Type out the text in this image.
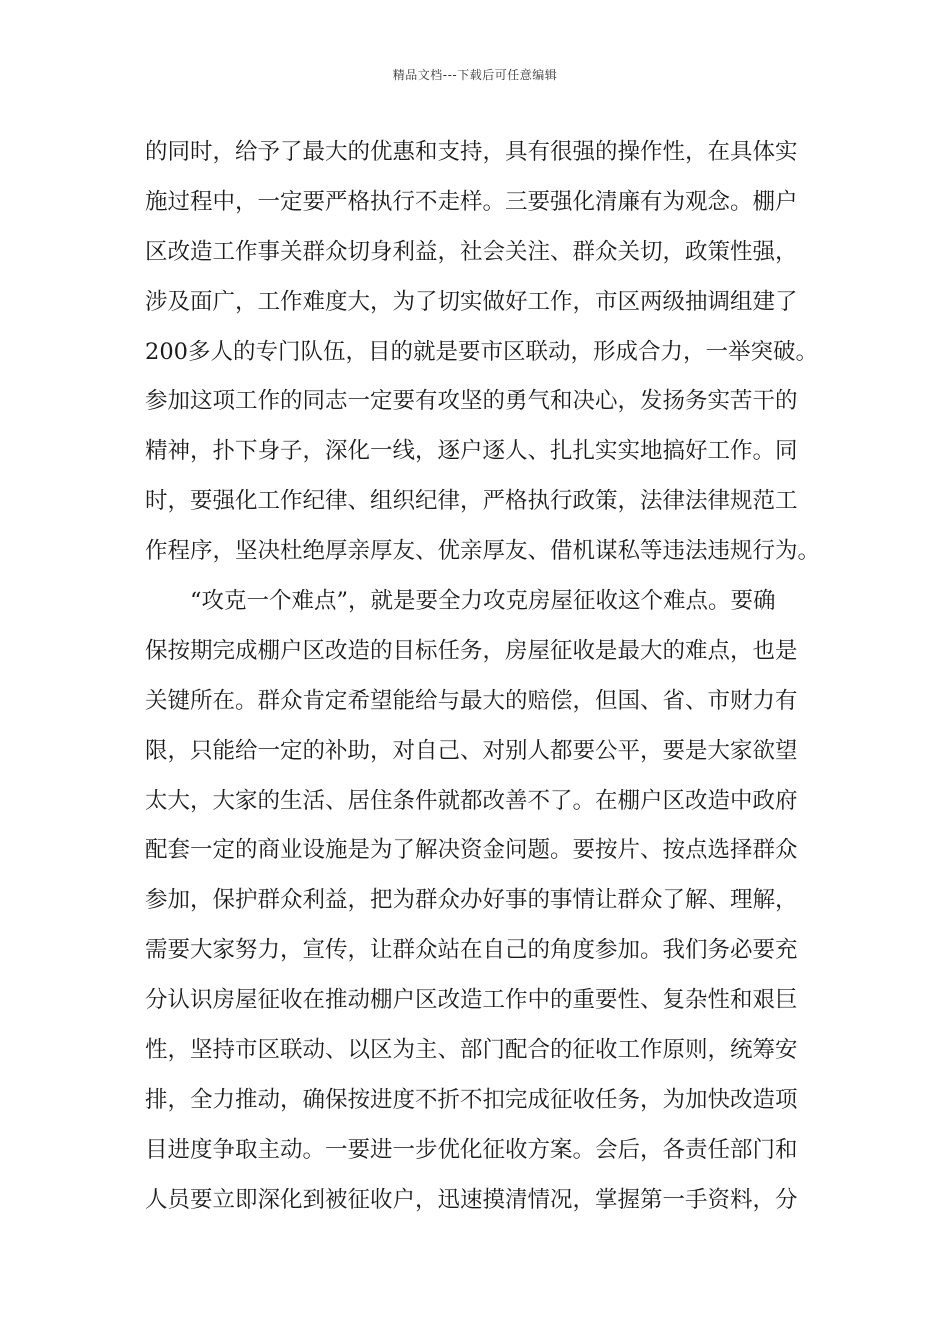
精品文档---下载后可任意编辑
的同时，给予了最大的优惠和支持，具有很强的操作性，在具体实
施过程中，一定要严格执行不走样。三要强化清廉有为观念。棚户
区改造工作事关群众切身利益，社会关注、群众关切，政策性强，
涉及面广，工作难度大，为了切实做好工作，市区两级抽调组建了
200多人的专门队伍，目的就是要市区联动，形成合力，一举突破。
参加这项工作的同志一定要有攻坚的勇气和决心，发扬务实苦干的
精神，扑下身子，深化一线，逐户逐人、扎扎实实地搞好工作。同
时，要强化工作纪律、组织纪律，严格执行政策，法律法律规范工
作程序，坚决杜绝厚亲厚友、优亲厚友、借机谋私等违法违规行为。
“攻克一个难点”，就是要全力攻克房屋征收这个难点。要确
保按期完成棚户区改造的目标任务，房屋征收是最大的难点，也是
关键所在。群众肯定希望能给与最大的赔偿，但国、省、市财力有
限，只能给一定的补助，对自己、对别人都要公平，要是大家欲望
太大，大家的生活、居住条件就都改善不了。在棚户区改造中政府
配套一定的商业设施是为了解决资金问题。要按片、按点选择群众
参加，保护群众利益，把为群众办好事的事情让群众了解、理解，
需要大家努力，宣传，让群众站在自己的角度参加。我们务必要充
分认识房屋征收在推动棚户区改造工作中的重要性、复杂性和艰巨
性，坚持市区联动、以区为主、部门配合的征收工作原则，统筹安
排，全力推动，确保按进度不折不扣完成征收任务，为加快改造项
目进度争取主动。一要进一步优化征收方案。会后，各责任部门和
人员要立即深化到被征收户，迅速摸清情况，掌握第一手资料，分
